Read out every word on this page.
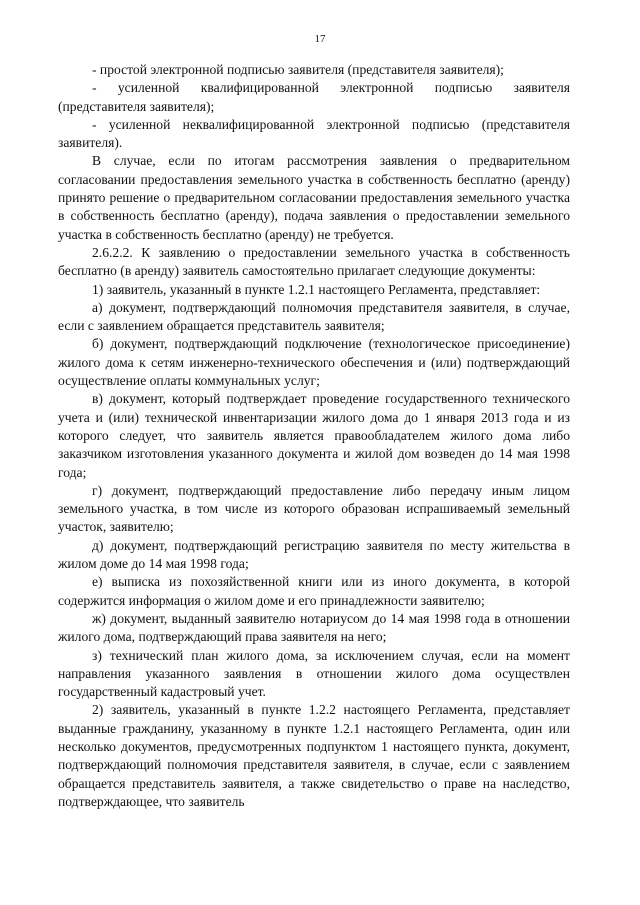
17

- простой электронной подписью заявителя (представителя заявителя);

- усиленной квалифицированной электронной подписью заявителя (представителя заявителя);

- усиленной неквалифицированной электронной подписью (представителя заявителя).

В случае, если по итогам рассмотрения заявления о предварительном согласовании предоставления земельного участка в собственность бесплатно (аренду) принято решение о предварительном согласовании предоставления земельного участка в собственность бесплатно (аренду), подача заявления о предоставлении земельного участка в собственность бесплатно (аренду) не требуется.

2.6.2.2. К заявлению о предоставлении земельного участка в собственность бесплатно (в аренду) заявитель самостоятельно прилагает следующие документы:

1) заявитель, указанный в пункте 1.2.1 настоящего Регламента, представляет:

а) документ, подтверждающий полномочия представителя заявителя, в случае, если с заявлением обращается представитель заявителя;

б) документ, подтверждающий подключение (технологическое присоединение) жилого дома к сетям инженерно-технического обеспечения и (или) подтверждающий осуществление оплаты коммунальных услуг;

в) документ, который подтверждает проведение государственного технического учета и (или) технической инвентаризации жилого дома до 1 января 2013 года и из которого следует, что заявитель является правообладателем жилого дома либо заказчиком изготовления указанного документа и жилой дом возведен до 14 мая 1998 года;

г) документ, подтверждающий предоставление либо передачу иным лицом земельного участка, в том числе из которого образован испрашиваемый земельный участок, заявителю;

д) документ, подтверждающий регистрацию заявителя по месту жительства в жилом доме до 14 мая 1998 года;

е) выписка из похозяйственной книги или из иного документа, в которой содержится информация о жилом доме и его принадлежности заявителю;

ж) документ, выданный заявителю нотариусом до 14 мая 1998 года в отношении жилого дома, подтверждающий права заявителя на него;

з) технический план жилого дома, за исключением случая, если на момент направления указанного заявления в отношении жилого дома осуществлен государственный кадастровый учет.

2) заявитель, указанный в пункте 1.2.2 настоящего Регламента, представляет выданные гражданину, указанному в пункте 1.2.1 настоящего Регламента, один или несколько документов, предусмотренных подпунктом 1 настоящего пункта, документ, подтверждающий полномочия представителя заявителя, в случае, если с заявлением обращается представитель заявителя, а также свидетельство о праве на наследство, подтверждающее, что заявитель
